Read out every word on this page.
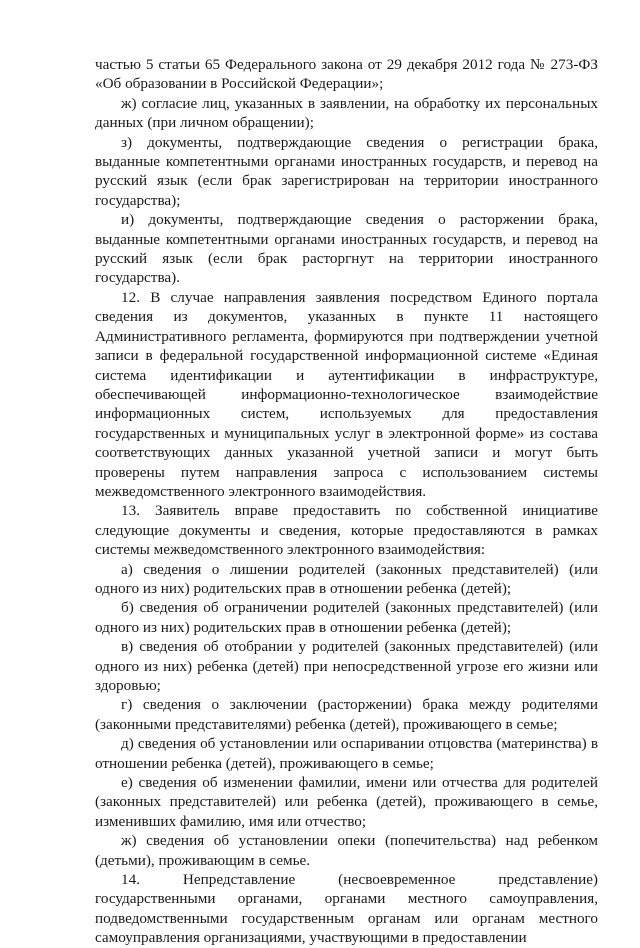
частью 5 статьи 65 Федерального закона от 29 декабря 2012 года № 273-ФЗ «Об образовании в Российской Федерации»;

ж) согласие лиц, указанных в заявлении, на обработку их персональных данных (при личном обращении);

з) документы, подтверждающие сведения о регистрации брака, выданные компетентными органами иностранных государств, и перевод на русский язык (если брак зарегистрирован на территории иностранного государства);

и) документы, подтверждающие сведения о расторжении брака, выданные компетентными органами иностранных государств, и перевод на русский язык (если брак расторгнут на территории иностранного государства).

12. В случае направления заявления посредством Единого портала сведения из документов, указанных в пункте 11 настоящего Административного регламента, формируются при подтверждении учетной записи в федеральной государственной информационной системе «Единая система идентификации и аутентификации в инфраструктуре, обеспечивающей информационно-технологическое взаимодействие информационных систем, используемых для предоставления государственных и муниципальных услуг в электронной форме» из состава соответствующих данных указанной учетной записи и могут быть проверены путем направления запроса с использованием системы межведомственного электронного взаимодействия.

13. Заявитель вправе предоставить по собственной инициативе следующие документы и сведения, которые предоставляются в рамках системы межведомственного электронного взаимодействия:

а) сведения о лишении родителей (законных представителей) (или одного из них) родительских прав в отношении ребенка (детей);

б) сведения об ограничении родителей (законных представителей) (или одного из них) родительских прав в отношении ребенка (детей);

в) сведения об отобрании у родителей (законных представителей) (или одного из них) ребенка (детей) при непосредственной угрозе его жизни или здоровью;

г) сведения о заключении (расторжении) брака между родителями (законными представителями) ребенка (детей), проживающего в семье;

д) сведения об установлении или оспаривании отцовства (материнства) в отношении ребенка (детей), проживающего в семье;

е) сведения об изменении фамилии, имени или отчества для родителей (законных представителей) или ребенка (детей), проживающего в семье, изменивших фамилию, имя или отчество;

ж) сведения об установлении опеки (попечительства) над ребенком (детьми), проживающим в семье.

14. Непредставление (несвоевременное представление) государственными органами, органами местного самоуправления, подведомственными государственным органам или органам местного самоуправления организациями, участвующими в предоставлении
